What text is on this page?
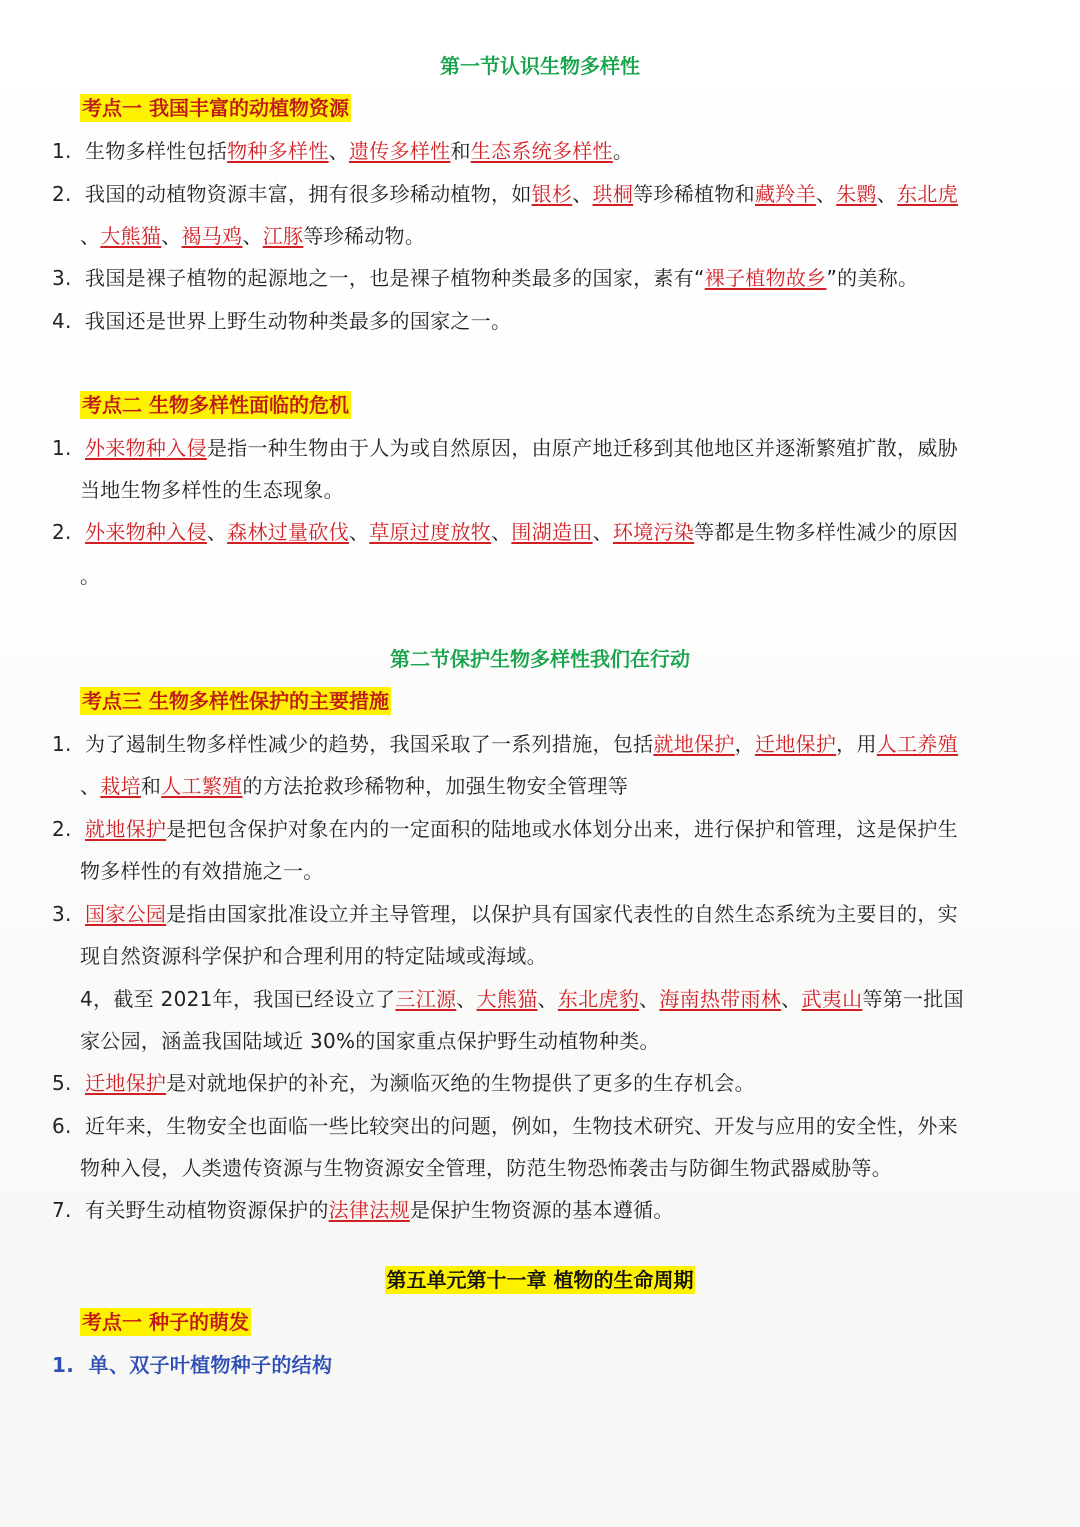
第一节认识生物多样性
考点一 我国丰富的动植物资源
1. 生物多样性包括物种多样性、遗传多样性和生态系统多样性。
2. 我国的动植物资源丰富，拥有很多珍稀动植物，如银杉、珙桐等珍稀植物和藏羚羊、朱鹮、东北虎
、大熊猫、褐马鸡、江豚等珍稀动物。
3. 我国是裸子植物的起源地之一，也是裸子植物种类最多的国家，素有“裸子植物故乡”的美称。
4. 我国还是世界上野生动物种类最多的国家之一。
考点二 生物多样性面临的危机
1. 外来物种入侵是指一种生物由于人为或自然原因，由原产地迁移到其他地区并逐渐繁殖扩散，威胁
当地生物多样性的生态现象。
2. 外来物种入侵、森林过量砍伐、草原过度放牧、围湖造田、环境污染等都是生物多样性减少的原因
。
第二节保护生物多样性我们在行动
考点三 生物多样性保护的主要措施
1. 为了遏制生物多样性减少的趋势，我国采取了一系列措施，包括就地保护，迁地保护，用人工养殖
、栽培和人工繁殖的方法抢救珍稀物种，加强生物安全管理等
2. 就地保护是把包含保护对象在内的一定面积的陆地或水体划分出来，进行保护和管理，这是保护生
物多样性的有效措施之一。
3. 国家公园是指由国家批准设立并主导管理，以保护具有国家代表性的自然生态系统为主要目的，实
现自然资源科学保护和合理利用的特定陆域或海域。
4，截至 2021年，我国已经设立了三江源、大熊猫、东北虎豹、海南热带雨林、武夷山等第一批国
家公园，涵盖我国陆域近 30%的国家重点保护野生动植物种类。
5. 迁地保护是对就地保护的补充，为濒临灭绝的生物提供了更多的生存机会。
6. 近年来，生物安全也面临一些比较突出的问题，例如，生物技术研究、开发与应用的安全性，外来
物种入侵，人类遗传资源与生物资源安全管理，防范生物恐怖袭击与防御生物武器威胁等。
7. 有关野生动植物资源保护的法律法规是保护生物资源的基本遵循。
第五单元第十一章 植物的生命周期
考点一 种子的萌发
1. 单、双子叶植物种子的结构
